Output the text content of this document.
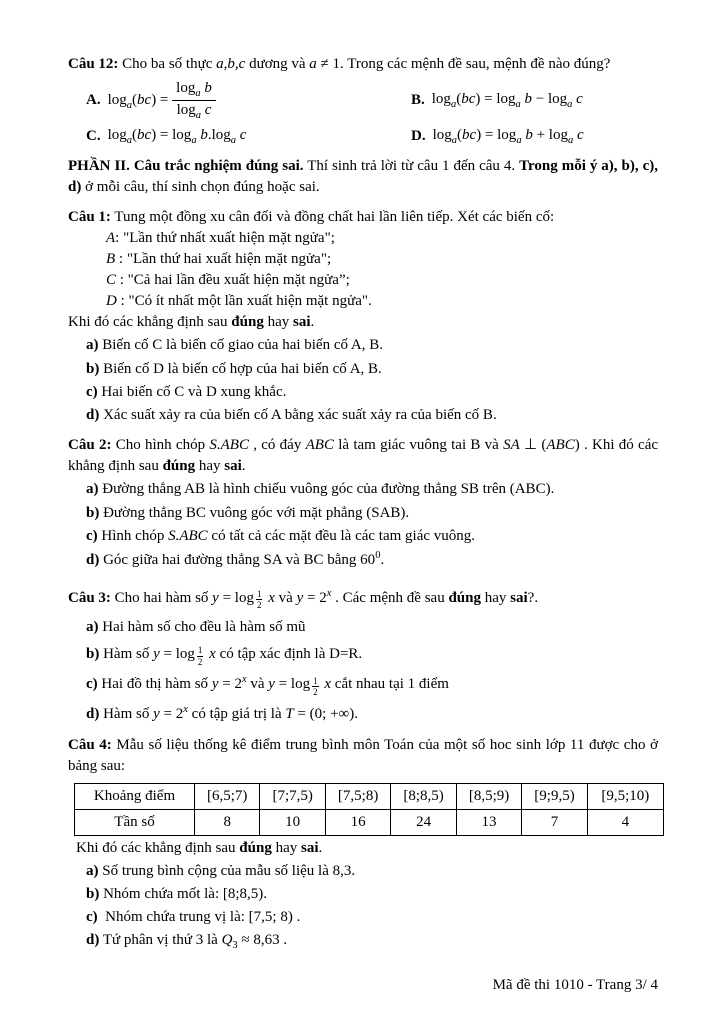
Câu 12: Cho ba số thực a,b,c dương và a ≠ 1. Trong các mệnh đề sau, mệnh đề nào đúng?

A. $\log_a(bc) = \frac{\log_a b}{\log_a c}$	B. $\log_a(bc) = \log_a b - \log_a c$
C. $\log_a(bc) = \log_a b.\log_a$ c	D. $\log_a(bc) = \log_a b + \log_a c$

PHẦN II. Câu trắc nghiệm đúng sai. Thí sinh trả lời từ câu 1 đến câu 4. Trong mỗi ý a), b), c), d) ở mỗi câu, thí sinh chọn đúng hoặc sai.

Câu 1: Tung một đồng xu cân đối và đồng chất hai lần liên tiếp. Xét các biến cố:

A: "Lần thứ nhất xuất hiện mặt ngửa";

B : "Lần thứ hai xuất hiện mặt ngửa";

C : "Cả hai lần đều xuất hiện mặt ngửa”;

D : "Có ít nhất một lần xuất hiện mặt ngửa".

Khi đó các khẳng định sau đúng hay sai.

a) Biến cố C là biến cố giao của hai biến cố A, B.

b) Biến cố D là biến cố hợp của hai biến cố A, B.

c) Hai biến cố C và D xung khắc.

d) Xác suất xảy ra của biến cố A bằng xác suất xảy ra của biến cố B.

Câu 2: Cho hình chóp S.ABC , có đáy ABC là tam giác vuông tai B và SA ⊥ (ABC) . Khi đó các khẳng định sau đúng hay sai.

a) Đường thẳng AB là hình chiếu vuông góc của đường thẳng SB trên (ABC).

b) Đường thẳng BC vuông góc với mặt phẳng (SAB).

c) Hình chóp S.ABC có tất cả các mặt đều là các tam giác vuông.

d) Góc giữa hai đường thẳng SA và BC bằng $60^0$.

Câu 3: Cho hai hàm số $y = \log \frac{1}{2}$ x và $y = 2^x$ . Các mệnh đề sau đúng hay sai?.

a) Hai hàm số cho đều là hàm số mũ

b) Hàm số $y = \log \frac{1}{2}$ x có tập xác định là D=R.

c) Hai đồ thị hàm số $y = 2^x$ và $y = \log \frac{1}{2}$ x cắt nhau tại 1 điểm

d) Hàm số $y = 2^x$ có tập giá trị là T = (0; +∞).

Câu 4: Mẫu số liệu thống kê điểm trung bình môn Toán của một số hoc sinh lớp 11 được cho ở bảng sau:

Khoảng điểm	[6,5;7)	[7;7,5)	[7,5;8)	[8;8,5)	[8,5;9)	[9;9,5)	[9,5;10)
Tần số	8	10	16	24	13	7	4

Khi đó các khẳng định sau đúng hay sai.

a) Số trung bình cộng của mẫu số liệu là 8,3.

b) Nhóm chứa mốt là: [8;8,5).

c) Nhóm chứa trung vị là: [7,5; 8) .

d) Tứ phân vị thứ 3 là $Q_3 \approx 8,63$ .

Mã đề thi 1010 - Trang 3/ 4
